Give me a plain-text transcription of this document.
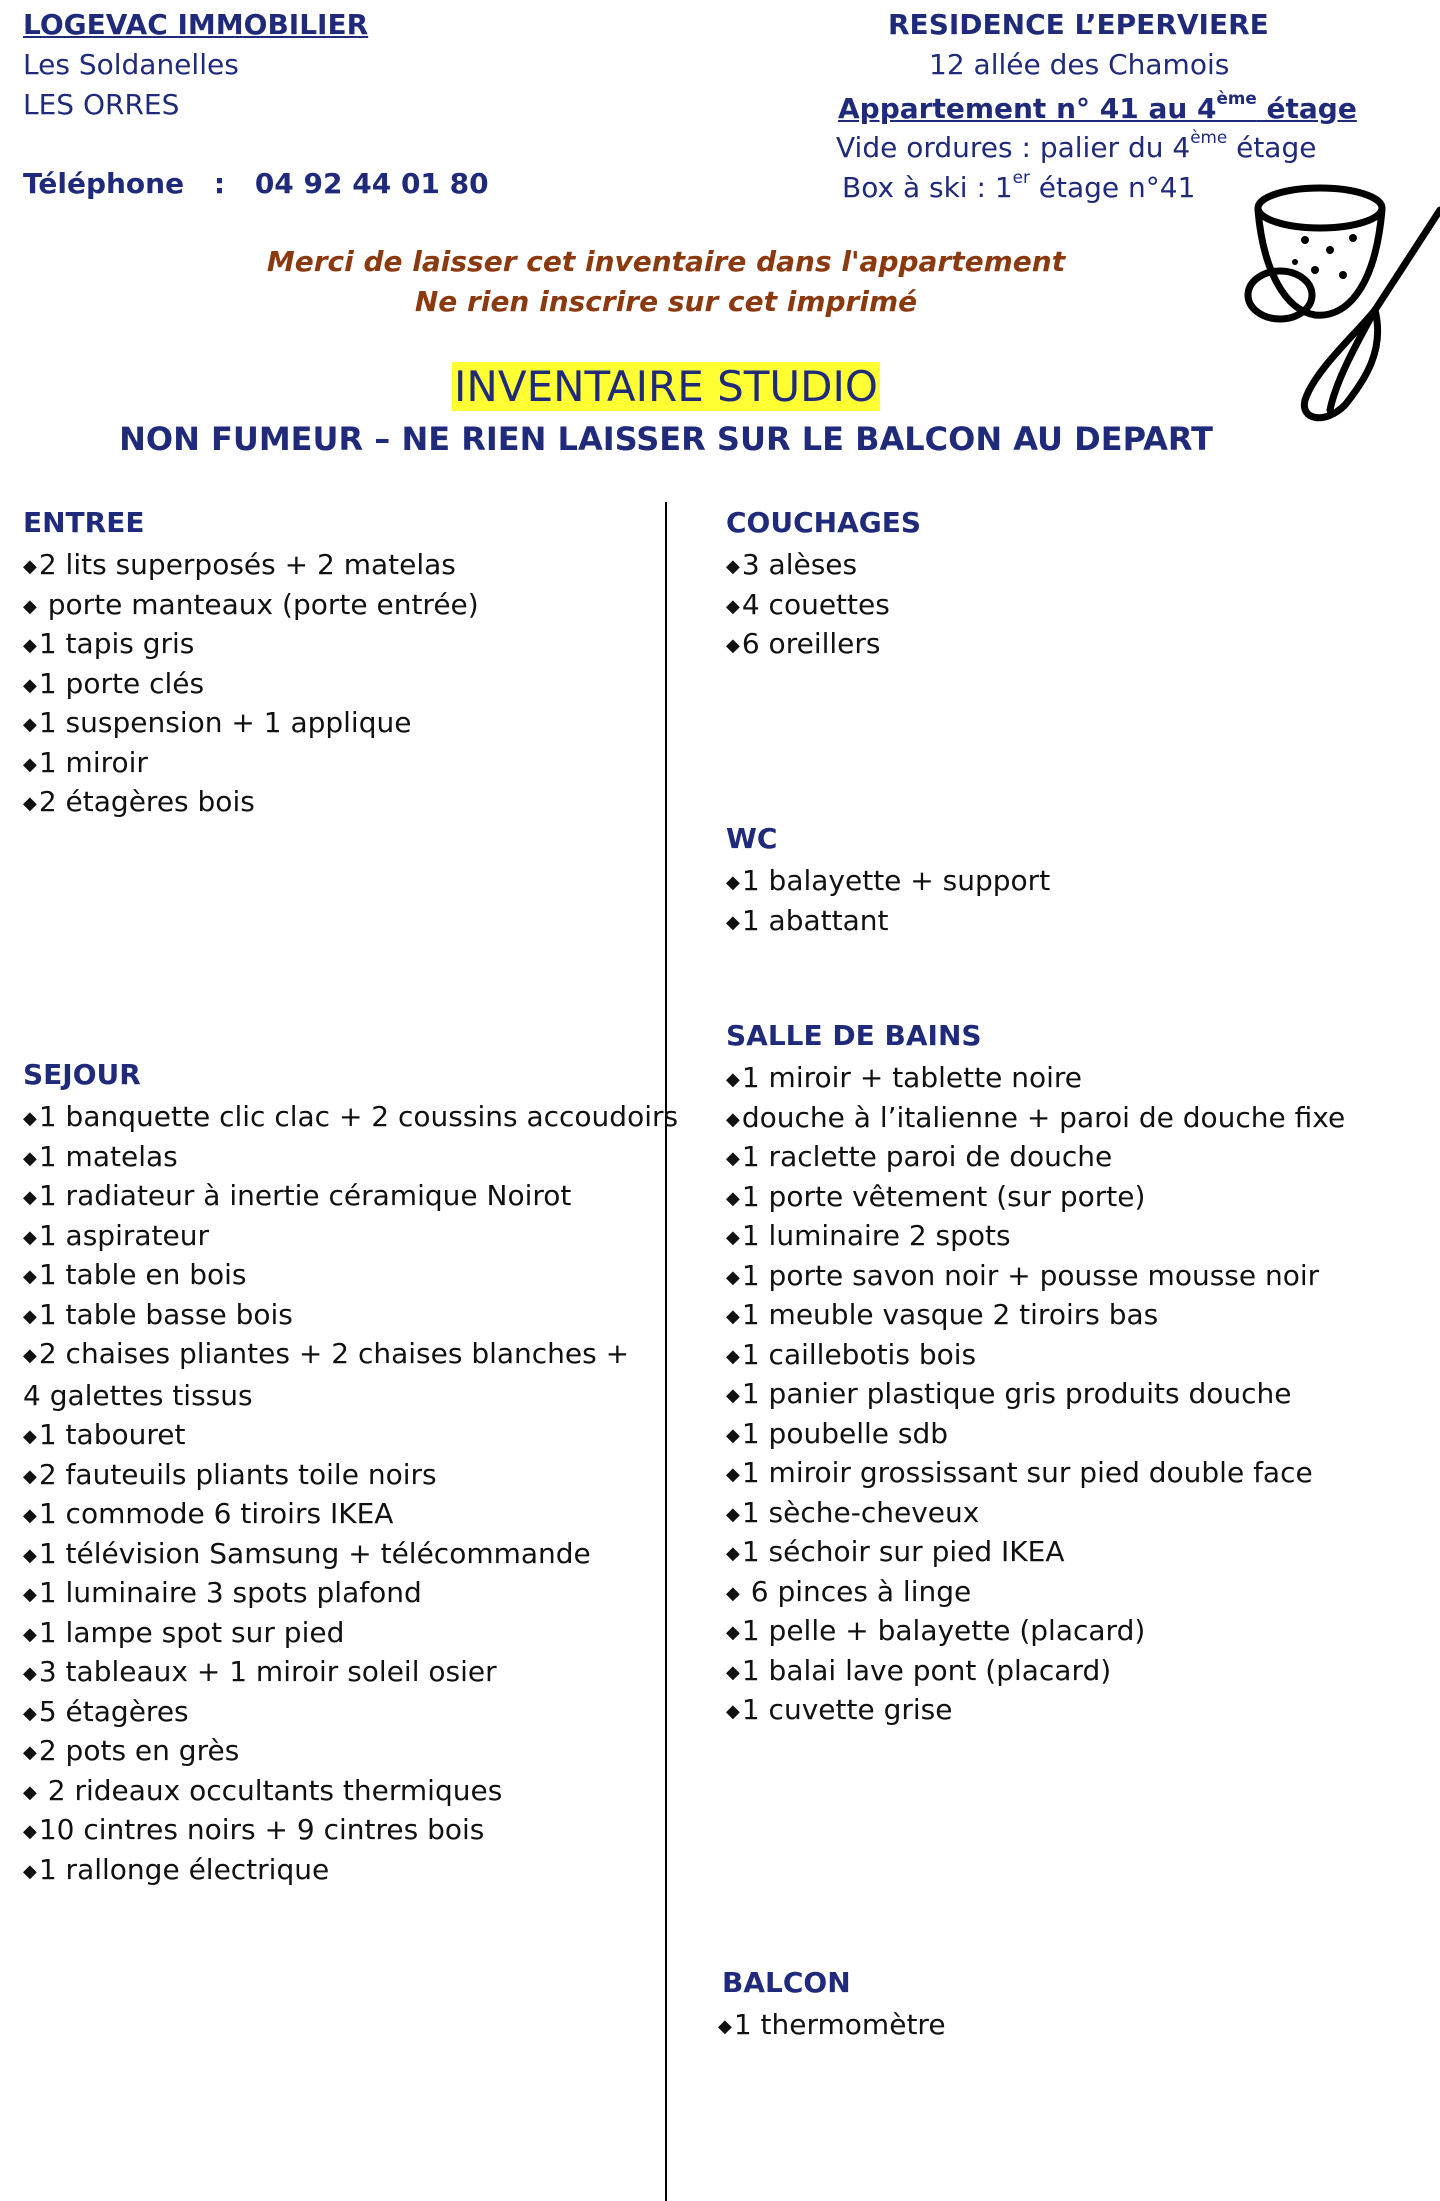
LOGEVAC IMMOBILIER
Les Soldanelles
LES ORRES
Téléphone : 04 92 44 01 80
RESIDENCE L’EPERVIERE
12 allée des Chamois
Appartement n° 41 au 4ème étage
Vide ordures : palier du 4ème étage
Box à ski : 1er étage n°41
Merci de laisser cet inventaire dans l'appartement
Ne rien inscrire sur cet imprimé
INVENTAIRE STUDIO
NON FUMEUR – NE RIEN LAISSER SUR LE BALCON AU DEPART
ENTREE
◆2 lits superposés + 2 matelas
◆ porte manteaux (porte entrée)
◆1 tapis gris
◆1 porte clés
◆1 suspension + 1 applique
◆1 miroir
◆2 étagères bois
SEJOUR
◆1 banquette clic clac + 2 coussins accoudoirs
◆1 matelas
◆1 radiateur à inertie céramique Noirot
◆1 aspirateur
◆1 table en bois
◆1 table basse bois
◆2 chaises pliantes + 2 chaises blanches + 4 galettes tissus
◆1 tabouret
◆2 fauteuils pliants toile noirs
◆1 commode 6 tiroirs IKEA
◆1 télévision Samsung + télécommande
◆1 luminaire 3 spots plafond
◆1 lampe spot sur pied
◆3 tableaux + 1 miroir soleil osier
◆5 étagères
◆2 pots en grès
◆ 2 rideaux occultants thermiques
◆10 cintres noirs + 9 cintres bois
◆1 rallonge électrique
COUCHAGES
◆3 alèses
◆4 couettes
◆6 oreillers
WC
◆1 balayette + support
◆1 abattant
SALLE DE BAINS
◆1 miroir + tablette noire
◆douche à l’italienne + paroi de douche fixe
◆1 raclette paroi de douche
◆1 porte vêtement (sur porte)
◆1 luminaire 2 spots
◆1 porte savon noir + pousse mousse noir
◆1 meuble vasque 2 tiroirs bas
◆1 caillebotis bois
◆1 panier plastique gris produits douche
◆1 poubelle sdb
◆1 miroir grossissant sur pied double face
◆1 sèche-cheveux
◆1 séchoir sur pied IKEA
◆ 6 pinces à linge
◆1 pelle + balayette (placard)
◆1 balai lave pont (placard)
◆1 cuvette grise
BALCON
◆1 thermomètre
